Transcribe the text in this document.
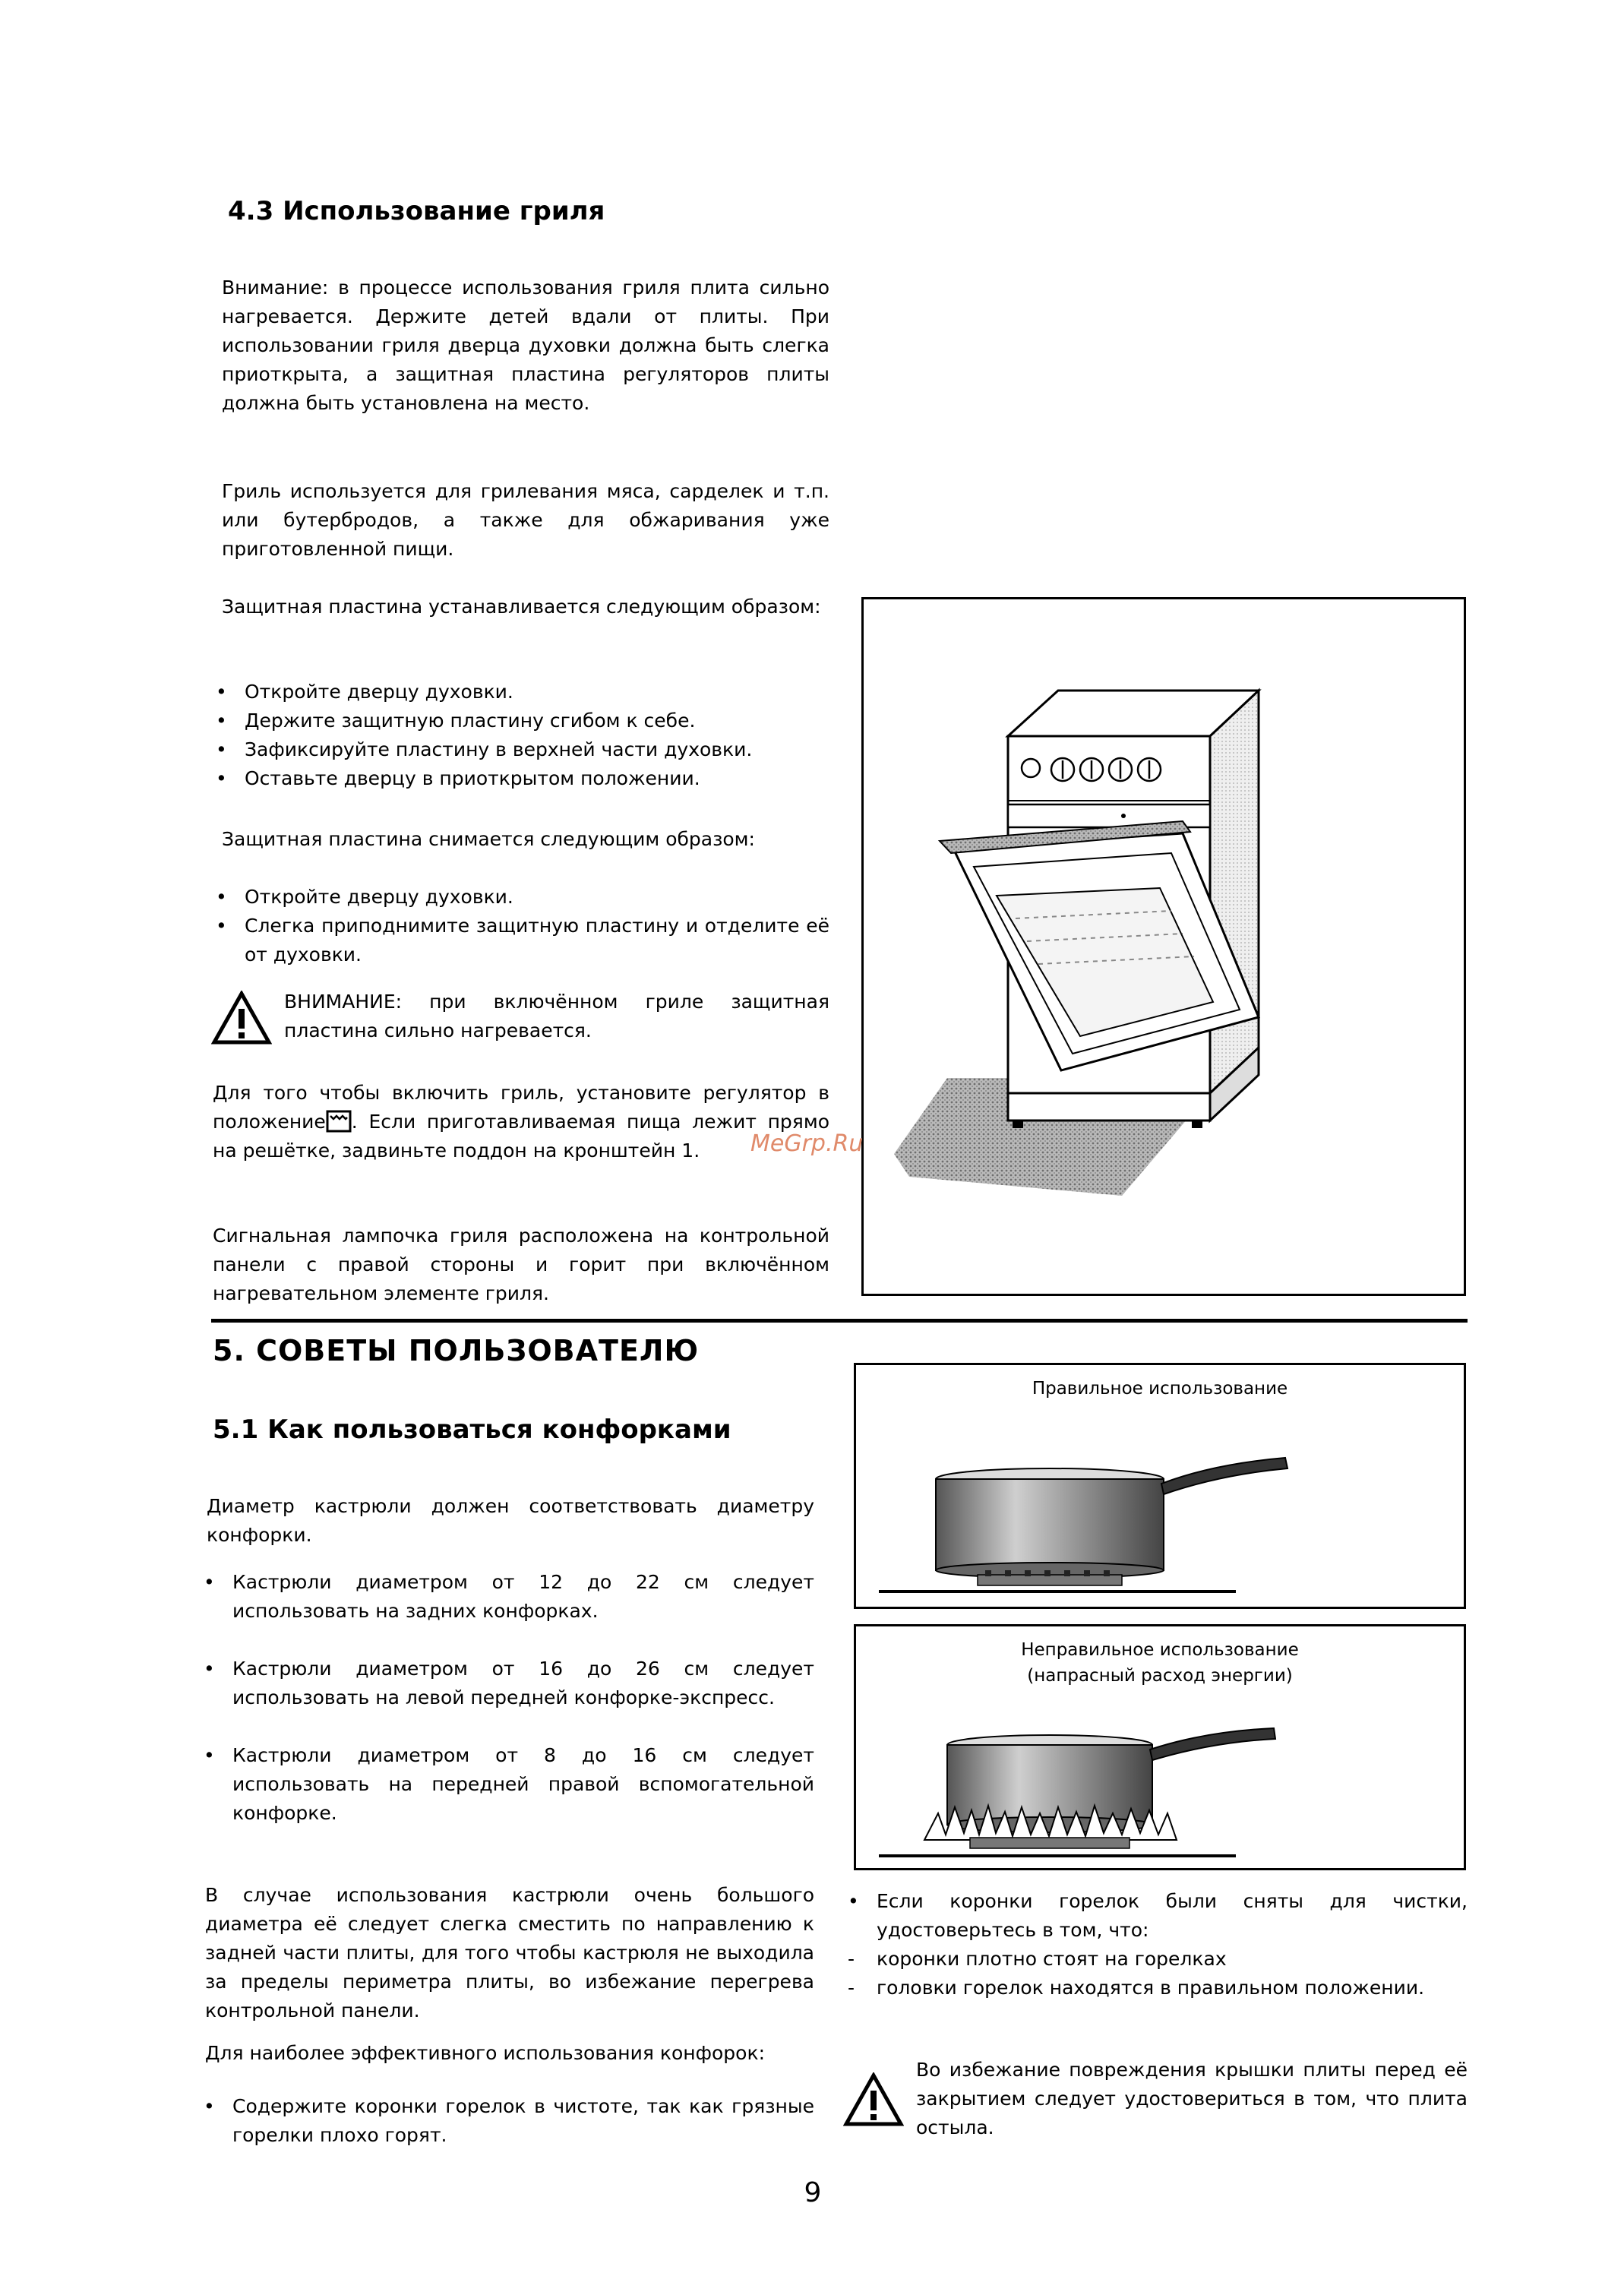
4.3 Использование гриля

Внимание: в процессе использования гриля плита сильно нагревается. Держите детей вдали от плиты. При использовании гриля дверца духовки должна быть слегка приоткрыта, а защитная пластина регуляторов плиты должна быть установлена на место.

Гриль используется для грилевания мяса, сарделек и т.п. или бутербродов, а также для обжаривания уже приготовленной пищи.

Защитная пластина устанавливается следующим образом:

• Откройте дверцу духовки.
• Держите защитную пластину сгибом к себе.
• Зафиксируйте пластину в верхней части духовки.
• Оставьте дверцу в приоткрытом положении.

Защитная пластина снимается следующим образом:

• Откройте дверцу духовки.
• Слегка приподнимите защитную пластину и отделите её от духовки.

ВНИМАНИЕ: при включённом гриле защитная пластина сильно нагревается.

Для того чтобы включить гриль, установите регулятор в положение . Если приготавливаемая пища лежит прямо на решётке, задвиньте поддон на кронштейн 1.

Сигнальная лампочка гриля расположена на контрольной панели с правой стороны и горит при включённом нагревательном элементе гриля.

MeGrp.Ru
5. СОВЕТЫ ПОЛЬЗОВАТЕЛЮ
5.1 Как пользоваться конфорками

Диаметр кастрюли должен соответствовать диаметру конфорки.

• Кастрюли диаметром от 12 до 22 см следует использовать на задних конфорках.
• Кастрюли диаметром от 16 до 26 см следует использовать на левой передней конфорке-экспресс.
• Кастрюли диаметром от 8 до 16 см следует использовать на передней правой вспомогательной конфорке.

В случае использования кастрюли очень большого диаметра её следует слегка сместить по направлению к задней части плиты, для того чтобы кастрюля не выходила за пределы периметра плиты, во избежание перегрева контрольной панели.

Для наиболее эффективного использования конфорок:

• Содержите коронки горелок в чистоте, так как грязные горелки плохо горят.

Правильное использование

Неправильное использование

(напрасный расход энергии)

• Если коронки горелок были сняты для чистки, удостоверьтесь в том, что:
- коронки плотно стоят на горелках
- головки горелок находятся в правильном положении.

Во избежание повреждения крышки плиты перед её закрытием следует удостовериться в том, что плита остыла.

9
